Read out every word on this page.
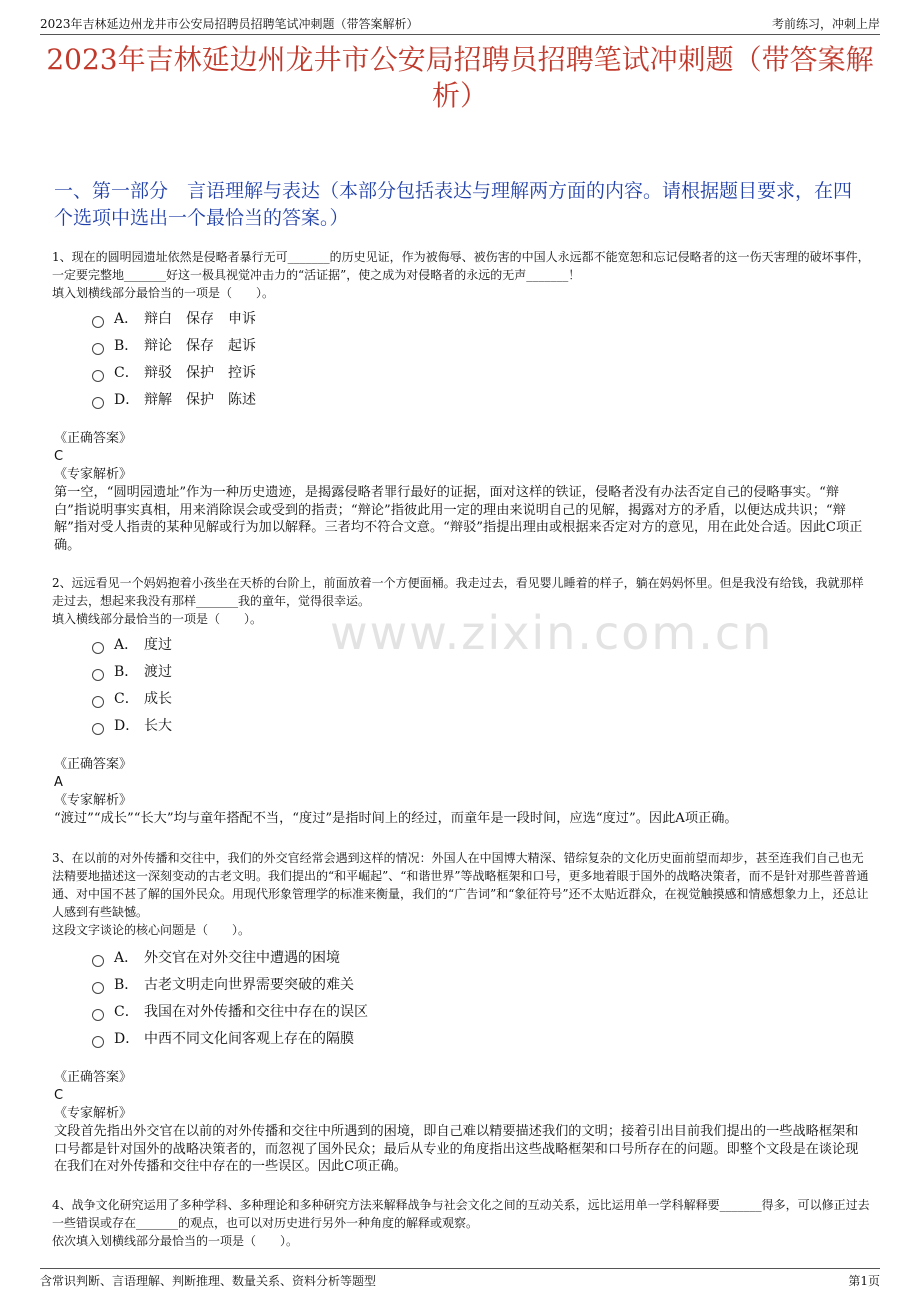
2023年吉林延边州龙井市公安局招聘员招聘笔试冲刺题（带答案解析）	考前练习，冲刺上岸
2023年吉林延边州龙井市公安局招聘员招聘笔试冲刺题（带答案解析）
一、第一部分　言语理解与表达（本部分包括表达与理解两方面的内容。请根据题目要求，在四个选项中选出一个最恰当的答案。）
www.zixin.com.cn
1、现在的圆明园遗址依然是侵略者暴行无可_______的历史见证，作为被侮辱、被伤害的中国人永远都不能宽恕和忘记侵略者的这一伤天害理的破坏事件，一定要完整地_______好这一极具视觉冲击力的“活证据”，使之成为对侵略者的永远的无声_______！
填入划横线部分最恰当的一项是（　　）。
A． 辩白　保存　申诉
B． 辩论　保存　起诉
C． 辩驳　保护　控诉
D． 辩解　保护　陈述
《正确答案》
C
《专家解析》
第一空，“圆明园遗址”作为一种历史遗迹，是揭露侵略者罪行最好的证据，面对这样的铁证，侵略者没有办法否定自己的侵略事实。“辩白”指说明事实真相，用来消除误会或受到的指责；“辩论”指彼此用一定的理由来说明自己的见解，揭露对方的矛盾，以便达成共识；“辩解”指对受人指责的某种见解或行为加以解释。三者均不符合文意。“辩驳”指提出理由或根据来否定对方的意见，用在此处合适。因此C项正确。
2、远远看见一个妈妈抱着小孩坐在天桥的台阶上，前面放着一个方便面桶。我走过去，看见婴儿睡着的样子，躺在妈妈怀里。但是我没有给钱，我就那样走过去，想起来我没有那样_______我的童年，觉得很幸运。
填入横线部分最恰当的一项是（　　）。
A． 度过
B． 渡过
C． 成长
D． 长大
《正确答案》
A
《专家解析》
“渡过”“成长”“长大”均与童年搭配不当，“度过”是指时间上的经过，而童年是一段时间，应选“度过”。因此A项正确。
3、在以前的对外传播和交往中，我们的外交官经常会遇到这样的情况：外国人在中国博大精深、错综复杂的文化历史面前望而却步，甚至连我们自己也无法精要地描述这一深刻变动的古老文明。我们提出的“和平崛起”、“和谐世界”等战略框架和口号，更多地着眼于国外的战略决策者，而不是针对那些普普通通、对中国不甚了解的国外民众。用现代形象管理学的标准来衡量，我们的“广告词”和“象征符号”还不太贴近群众，在视觉触摸感和情感想象力上，还总让人感到有些缺憾。
这段文字谈论的核心问题是（　　）。
A． 外交官在对外交往中遭遇的困境
B． 古老文明走向世界需要突破的难关
C． 我国在对外传播和交往中存在的误区
D． 中西不同文化间客观上存在的隔膜
《正确答案》
C
《专家解析》
文段首先指出外交官在以前的对外传播和交往中所遇到的困境，即自己难以精要描述我们的文明；接着引出目前我们提出的一些战略框架和口号都是针对国外的战略决策者的，而忽视了国外民众；最后从专业的角度指出这些战略框架和口号所存在的问题。即整个文段是在谈论现在我们在对外传播和交往中存在的一些误区。因此C项正确。
4、战争文化研究运用了多种学科、多种理论和多种研究方法来解释战争与社会文化之间的互动关系，远比运用单一学科解释要_______得多，可以修正过去一些错误或存在_______的观点，也可以对历史进行另外一种角度的解释或观察。
依次填入划横线部分最恰当的一项是（　　）。
含常识判断、言语理解、判断推理、数量关系、资料分析等题型	第1页
